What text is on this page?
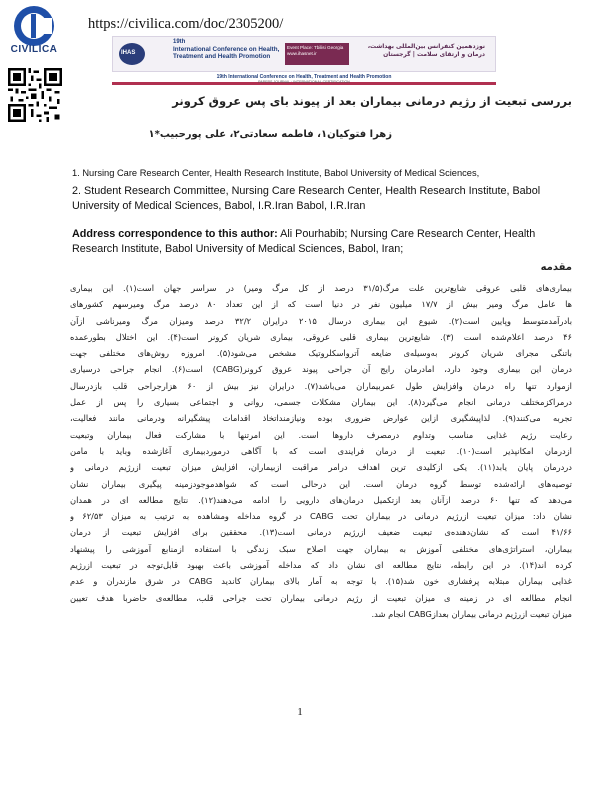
CIVILICA
https://civilica.com/doc/2305200/
IHAS
19th
International Conference on Health, Treatment and Health Promotion
Event Place: Tbilisi Georgia www.ihasnet.ir
نوزدهمین کنفرانس بین‌المللی بهداشت، درمان و ارتقای سلامت | گرجستان
19th International Conference on Health, Treatment and Health Promotion
PAPERS JOURNAL · INTERNATIONAL CERTIFICATION
بررسی تبعیت از رژیم درمانی بیماران بعد از پیوند بای پس عروق کرونر
زهرا فتوکیان۱، فاطمه سعادتی۲، علی پورحبیب*۱
1. Nursing Care Research Center, Health Research Institute, Babol University of Medical Sciences,
2. Student Research Committee, Nursing Care Research Center, Health Research Institute, Babol University of Medical Sciences, Babol, I.R.Iran Babol, I.R.Iran
Address correspondence to this author: Ali Pourhabib; Nursing Care Research Center, Health Research Institute, Babol University of Medical Sciences, Babol, Iran;
مقدمه
بیماری‌های قلبی عروقی شایع‌ترین علت مرگ(۳۱/۵ درصد از کل مرگ ومیر) در سراسر جهان است(۱). این بیماری
ها عامل مرگ ومیر بیش از ۱۷/۷ میلیون نفر در دنیا است که از این تعداد ۸۰ درصد مرگ ومیرسهم کشورهای
بادرآمدمتوسط وپایین است(۲). شیوع این بیماری درسال ۲۰۱۵ درایران ۳۲/۲ درصد ومیزان مرگ ومیرناشی ازآن
۴۶ درصد اعلام‌شده است (۳). شایع‌ترین بیماری قلبی عروقی، بیماری شریان کرونر است(۴). این اختلال بطورعمده
باتنگی مجرای شریان کرونر به‌وسیله‌ی ضایعه آترواسکلروتیک مشخص می‌شود(۵). امروزه روش‌های مختلفی جهت
درمان این بیماری وجود دارد، امادرمان رایج آن جراحی پیوند عروق کرونر(CABG) است(۶). انجام جراحی درسیاری
ازموارد تنها راه درمان وافزایش طول عمربیماران می‌باشد(۷). درایران نیز بیش از ۶۰ هزارجراحی قلب بازدرسال
درمراکزمختلف درمانی انجام می‌گیرد(۸). این بیماران مشکلات جسمی، روانی و اجتماعی بسیاری را پس از عمل
تجربه می‌کنند(۹). لذاپیشگیری ازاین عوارض ضروری بوده ونیازمنداتخاذ اقدامات پیشگیرانه ودرمانی مانند فعالیت،
رعایت رژیم غذایی مناسب وتداوم درمصرف داروها است. این امرتنها با مشارکت فعال بیماران وتبعیت
ازدرمان امکانپذیر است(۱۰). تبعیت از درمان فرایندی است که با آگاهی درموردبیماری آغازشده وباید با مامن
دردرمان پایان یابد(۱۱). یکی ازکلیدی ترین اهداف درامر مراقبت ازبیماران، افزایش میزان تبعیت ازرژیم درمانی و
توصیه‌های ارائه‌شده توسط گروه درمان است. این درحالی است که شواهدموجودزمینه پیگیری بیماران نشان
می‌دهد که تنها ۶۰ درصد ازآنان بعد ازتکمیل درمان‌های دارویی را ادامه می‌دهند(۱۲). نتایج مطالعه ای در همدان
نشان داد: میزان تبعیت ازرژیم درمانی در بیماران تحت CABG در گروه مداخله ومشاهده به ترتیب به میزان ۶۲/۵۳ و
۴۱/۶۶ است که نشان‌دهنده‌ی تبعیت ضعیف ازرژیم درمانی است(۱۳). محققین برای افزایش تبعیت از درمان
بیماران، استراتژی‌های مختلفی آموزش به بیماران جهت اصلاح سبک زندگی با استفاده ازمنابع آموزشی را پیشنهاد
کرده اند(۱۴). در این رابطه، نتایج مطالعه ای نشان داد که مداخله آموزشی باعث بهبود قابل‌توجه در تبعیت ازرژیم
غذایی بیماران مبتلابه پرفشاری خون شد(۱۵). با توجه به آمار بالای بیماران کاندید CABG در شرق مازندران و عدم
انجام مطالعه ای در زمینه ی میزان تبعیت از رژیم درمانی بیماران تحت جراحی قلب، مطالعه‌ی حاضربا هدف تعیین
میزان تبعیت ازرژیم درمانی بیماران بعدازCABG انجام شد.
1
